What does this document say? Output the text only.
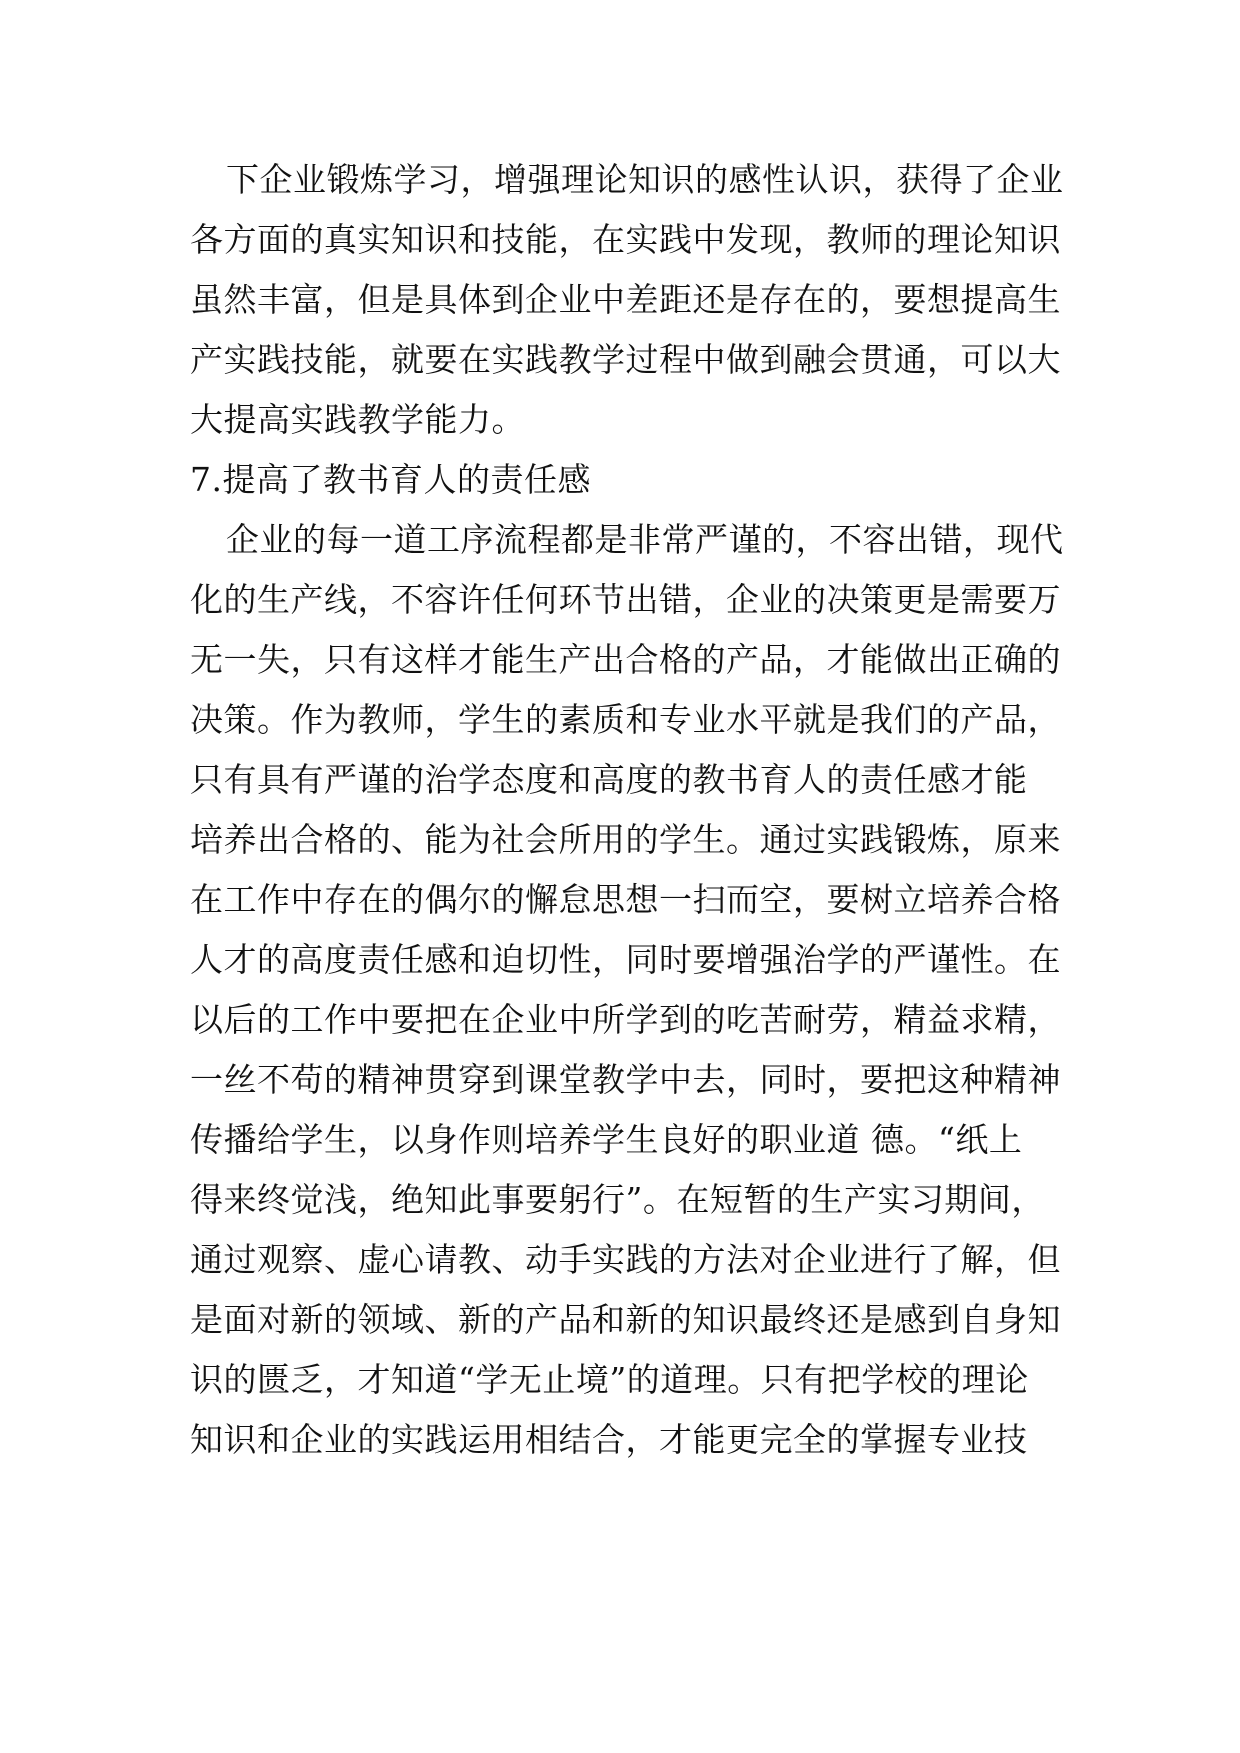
下企业锻炼学习，增强理论知识的感性认识，获得了企业
各方面的真实知识和技能，在实践中发现，教师的理论知识
虽然丰富，但是具体到企业中差距还是存在的，要想提高生
产实践技能，就要在实践教学过程中做到融会贯通，可以大
大提高实践教学能力。
7.提高了教书育人的责任感
企业的每一道工序流程都是非常严谨的，不容出错，现代
化的生产线，不容许任何环节出错，企业的决策更是需要万
无一失，只有这样才能生产出合格的产品，才能做出正确的
决策。作为教师，学生的素质和专业水平就是我们的产品，
只有具有严谨的治学态度和高度的教书育人的责任感才能
培养出合格的、能为社会所用的学生。通过实践锻炼，原来
在工作中存在的偶尔的懈怠思想一扫而空，要树立培养合格
人才的高度责任感和迫切性，同时要增强治学的严谨性。在
以后的工作中要把在企业中所学到的吃苦耐劳，精益求精，
一丝不苟的精神贯穿到课堂教学中去，同时，要把这种精神
传播给学生，以身作则培养学生良好的职业道 德。“纸上
得来终觉浅，绝知此事要躬行”。在短暂的生产实习期间，
通过观察、虚心请教、动手实践的方法对企业进行了解，但
是面对新的领域、新的产品和新的知识最终还是感到自身知
识的匮乏，才知道“学无止境”的道理。只有把学校的理论
知识和企业的实践运用相结合，才能更完全的掌握专业技
